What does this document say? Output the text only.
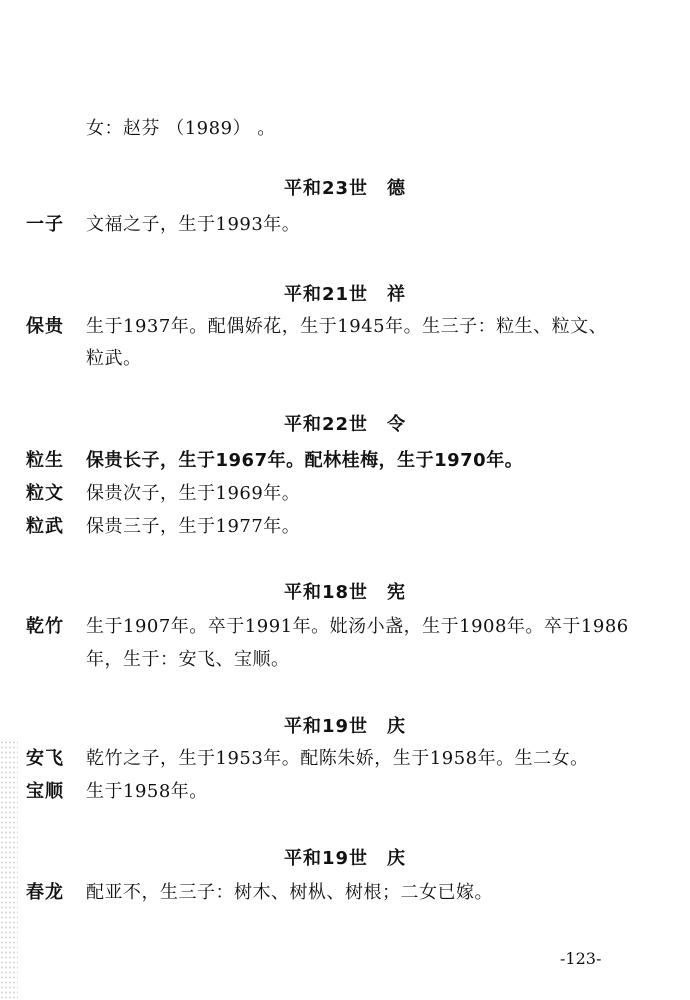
女：赵芬 （1989） 。
平和23世　德
一子 文福之子，生于1993年。
平和21世　祥
保贵 生于1937年。配偶娇花，生于1945年。生三子：粒生、粒文、
粒武。
平和22世　令
粒生 保贵长子，生于1967年。配林桂梅，生于1970年。
粒文 保贵次子，生于1969年。
粒武 保贵三子，生于1977年。
平和18世　宪
乾竹 生于1907年。卒于1991年。妣汤小盏，生于1908年。卒于1986
年，生于：安飞、宝顺。
平和19世　庆
安飞 乾竹之子，生于1953年。配陈朱娇，生于1958年。生二女。
宝顺 生于1958年。
平和19世　庆
春龙 配亚不，生三子：树木、树枞、树根；二女已嫁。
-123-
